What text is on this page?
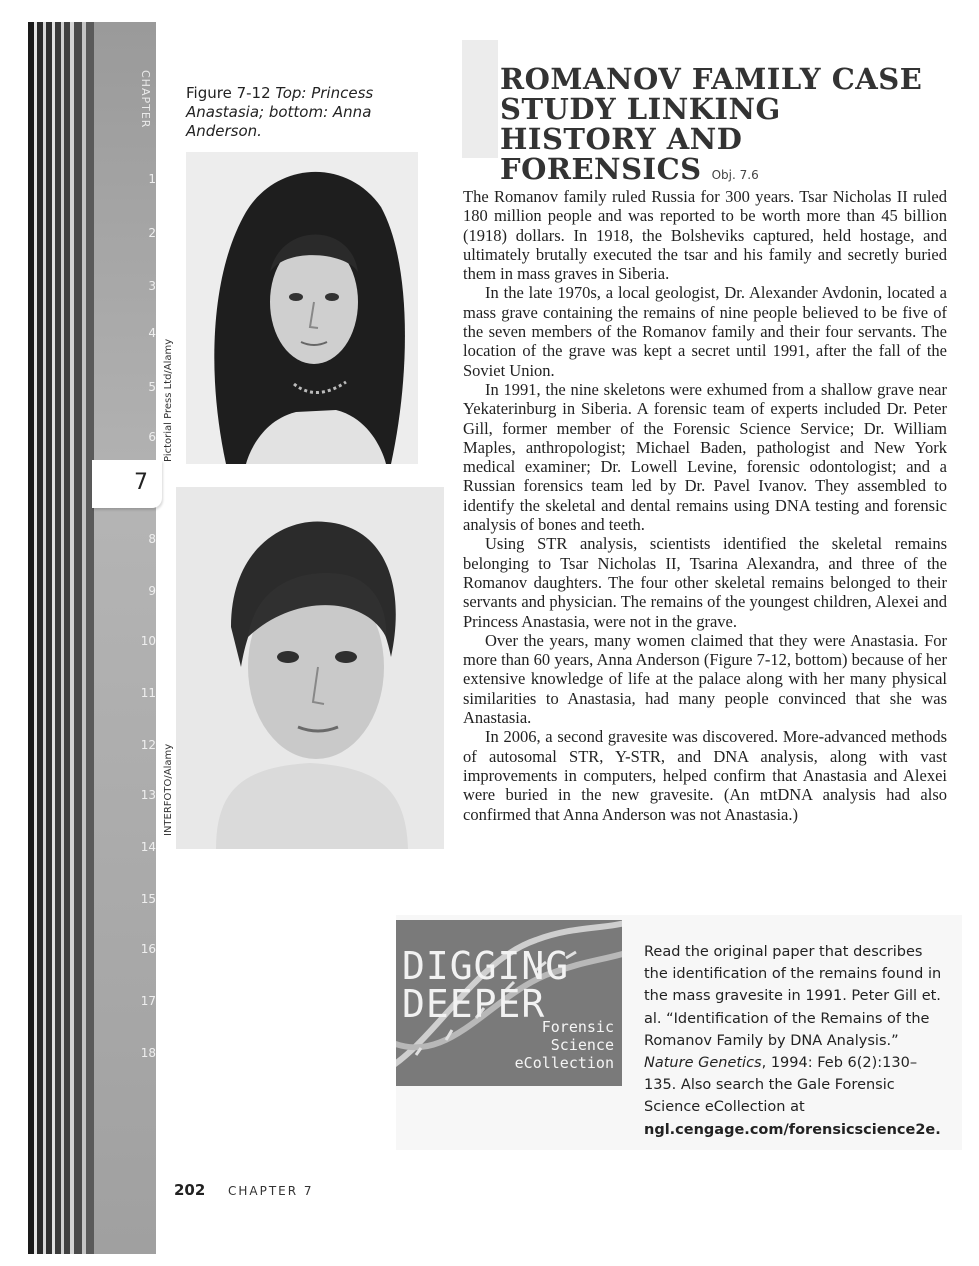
CHAPTER
1
2
3
4
5
6
7
8
9
10
11
12
13
14
15
16
17
18
Figure 7-12 Top: Princess Anastasia; bottom: Anna Anderson.
Pictorial Press Ltd/Alamy
INTERFOTO/Alamy
ROMANOV FAMILY CASE STUDY LINKING HISTORY AND FORENSICS Obj. 7.6

The Romanov family ruled Russia for 300 years. Tsar Nicholas II ruled 180 million people and was reported to be worth more than 45 billion (1918) dollars. In 1918, the Bolsheviks captured, held hostage, and ultimately brutally executed the tsar and his family and secretly buried them in mass graves in Siberia.

In the late 1970s, a local geologist, Dr. Alexander Avdonin, located a mass grave containing the remains of nine people believed to be five of the seven members of the Romanov family and their four servants. The location of the grave was kept a secret until 1991, after the fall of the Soviet Union.

In 1991, the nine skeletons were exhumed from a shallow grave near Yekaterinburg in Siberia. A forensic team of experts included Dr. Peter Gill, former member of the Forensic Science Service; Dr. William Maples, anthropologist; Michael Baden, pathologist and New York medical examiner; Dr. Lowell Levine, forensic odontologist; and a Russian forensics team led by Dr. Pavel Ivanov. They assembled to identify the skeletal and dental remains using DNA testing and forensic analysis of bones and teeth.

Using STR analysis, scientists identified the skeletal remains belonging to Tsar Nicholas II, Tsarina Alexandra, and three of the Romanov daughters. The four other skeletal remains belonged to their servants and physician. The remains of the youngest children, Alexei and Princess Anastasia, were not in the grave.

Over the years, many women claimed that they were Anastasia. For more than 60 years, Anna Anderson (Figure 7-12, bottom) because of her extensive knowledge of life at the palace along with her many physical similarities to Anastasia, had many people convinced that she was Anastasia.

In 2006, a second gravesite was discovered. More-advanced methods of autosomal STR, Y-STR, and DNA analysis, along with vast improvements in computers, helped confirm that Anastasia and Alexei were buried in the new gravesite. (An mtDNA analysis had also confirmed that Anna Anderson was not Anastasia.)

DIGGING
DEEPER
Forensic
Science
eCollection
Read the original paper that describes the identification of the remains found in the mass gravesite in 1991. Peter Gill et. al. “Identification of the Remains of the Romanov Family by DNA Analysis.” Nature Genetics, 1994: Feb 6(2):130–135. Also search the Gale Forensic Science eCollection at ngl.cengage.com/forensicscience2e.
202 CHAPTER 7
